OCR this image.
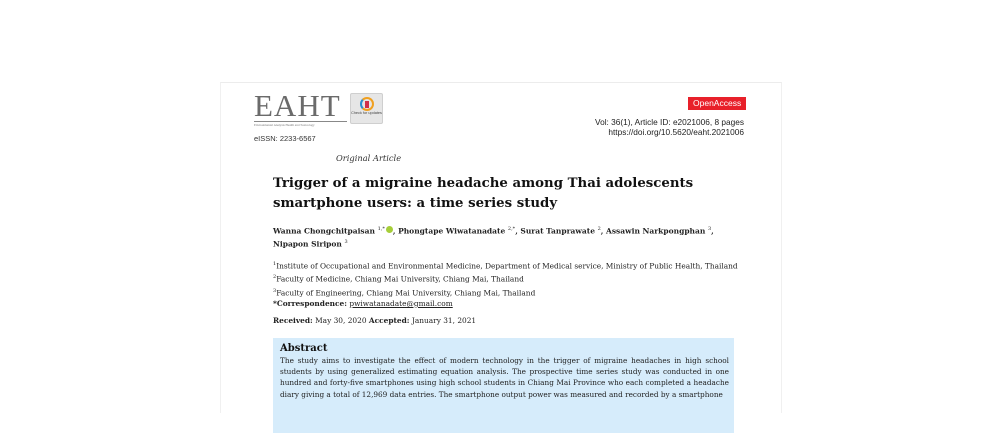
EAHT
Environmental Analysis Health and Toxicology
Check for updates
eISSN: 2233-6567
OpenAccess
Vol: 36(1), Article ID: e2021006, 8 pages
https://doi.org/10.5620/eaht.2021006
Original Article
Trigger of a migraine headache among Thai adolescents smartphone users: a time series study
Wanna Chongchitpaisan $^{1,*}$ , Phongtape Wiwatanadate $^{2,*}$, Surat Tanprawate $^2$, Assawin Narkpongphan $^3$, Nipapon Siripon $^3$
$^1$Institute of Occupational and Environmental Medicine, Department of Medical service, Ministry of Public Health, Thailand
$^2$Faculty of Medicine, Chiang Mai University, Chiang Mai, Thailand
$^3$Faculty of Engineering, Chiang Mai University, Chiang Mai, Thailand
*Correspondence: pwiwatanadate@gmail.com
Received: May 30, 2020 Accepted: January 31, 2021
Abstract

The study aims to investigate the effect of modern technology in the trigger of migraine headaches in high school students by using generalized estimating equation analysis. The prospective time series study was conducted in one hundred and forty-five smartphones using high school students in Chiang Mai Province who each completed a headache diary giving a total of 12,969 data entries. The smartphone output power was measured and recorded by a smartphone
